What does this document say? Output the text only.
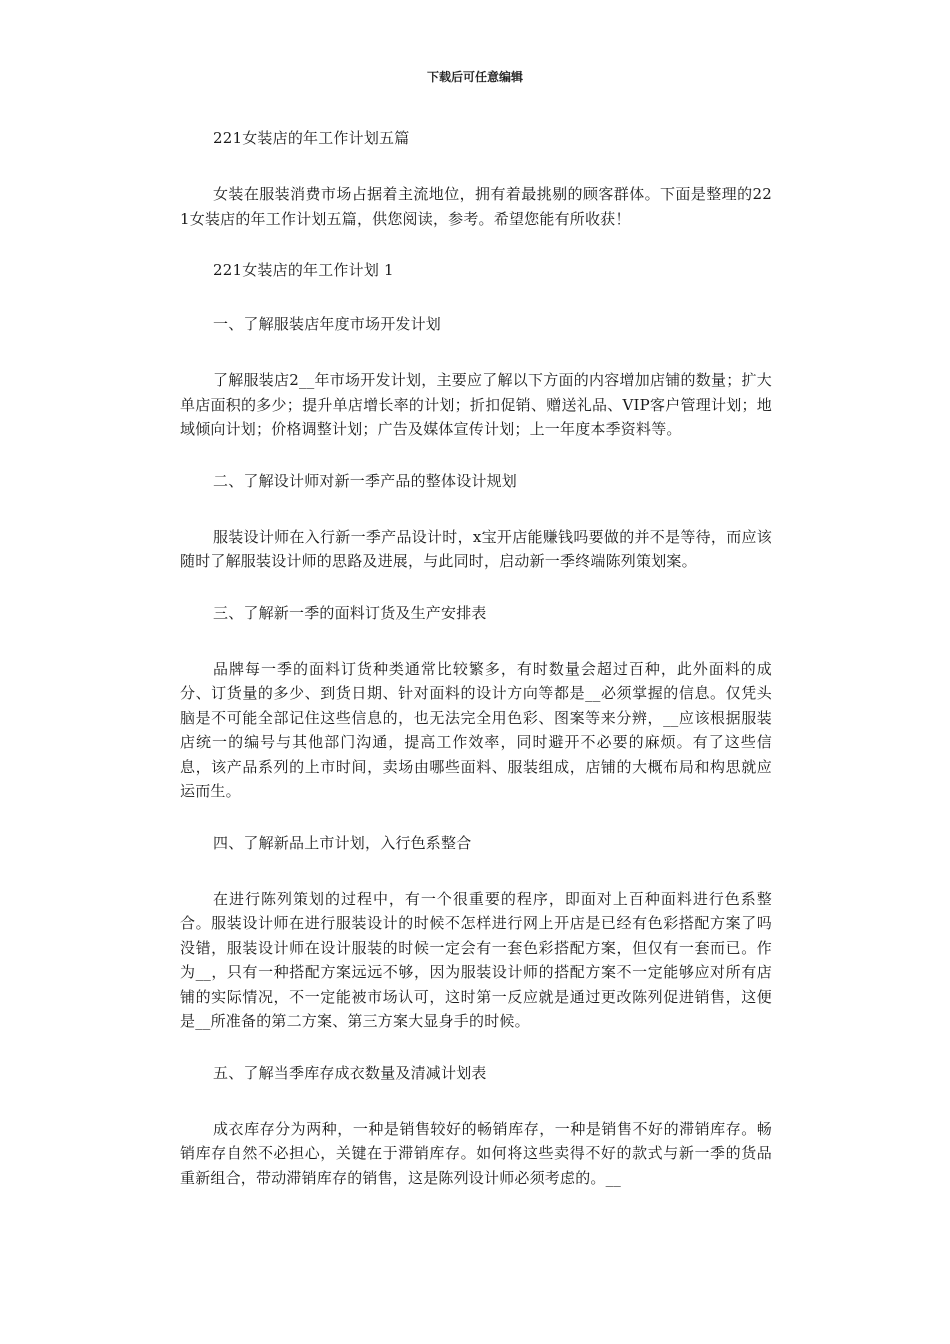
下载后可任意编辑

221女装店的年工作计划五篇

女装在服装消费市场占据着主流地位，拥有着最挑剔的顾客群体。下面是整理的221女装店的年工作计划五篇，供您阅读，参考。希望您能有所收获！

221女装店的年工作计划 1

一、了解服装店年度市场开发计划

了解服装店2__年市场开发计划，主要应了解以下方面的内容增加店铺的数量；扩大单店面积的多少；提升单店增长率的计划；折扣促销、赠送礼品、VIP客户管理计划；地域倾向计划；价格调整计划；广告及媒体宣传计划；上一年度本季资料等。

二、了解设计师对新一季产品的整体设计规划

服装设计师在入行新一季产品设计时，x宝开店能赚钱吗要做的并不是等待，而应该随时了解服装设计师的思路及进展，与此同时，启动新一季终端陈列策划案。

三、了解新一季的面料订货及生产安排表

品牌每一季的面料订货种类通常比较繁多，有时数量会超过百种，此外面料的成分、订货量的多少、到货日期、针对面料的设计方向等都是__必须掌握的信息。仅凭头脑是不可能全部记住这些信息的，也无法完全用色彩、图案等来分辨，__应该根据服装店统一的编号与其他部门沟通，提高工作效率，同时避开不必要的麻烦。有了这些信息，该产品系列的上市时间，卖场由哪些面料、服装组成，店铺的大概布局和构思就应运而生。

四、了解新品上市计划，入行色系整合

在进行陈列策划的过程中，有一个很重要的程序，即面对上百种面料进行色系整合。服装设计师在进行服装设计的时候不怎样进行网上开店是已经有色彩搭配方案了吗没错，服装设计师在设计服装的时候一定会有一套色彩搭配方案，但仅有一套而已。作为__，只有一种搭配方案远远不够，因为服装设计师的搭配方案不一定能够应对所有店铺的实际情况，不一定能被市场认可，这时第一反应就是通过更改陈列促进销售，这便是__所准备的第二方案、第三方案大显身手的时候。

五、了解当季库存成衣数量及清减计划表

成衣库存分为两种，一种是销售较好的畅销库存，一种是销售不好的滞销库存。畅销库存自然不必担心，关键在于滞销库存。如何将这些卖得不好的款式与新一季的货品重新组合，带动滞销库存的销售，这是陈列设计师必须考虑的。__
